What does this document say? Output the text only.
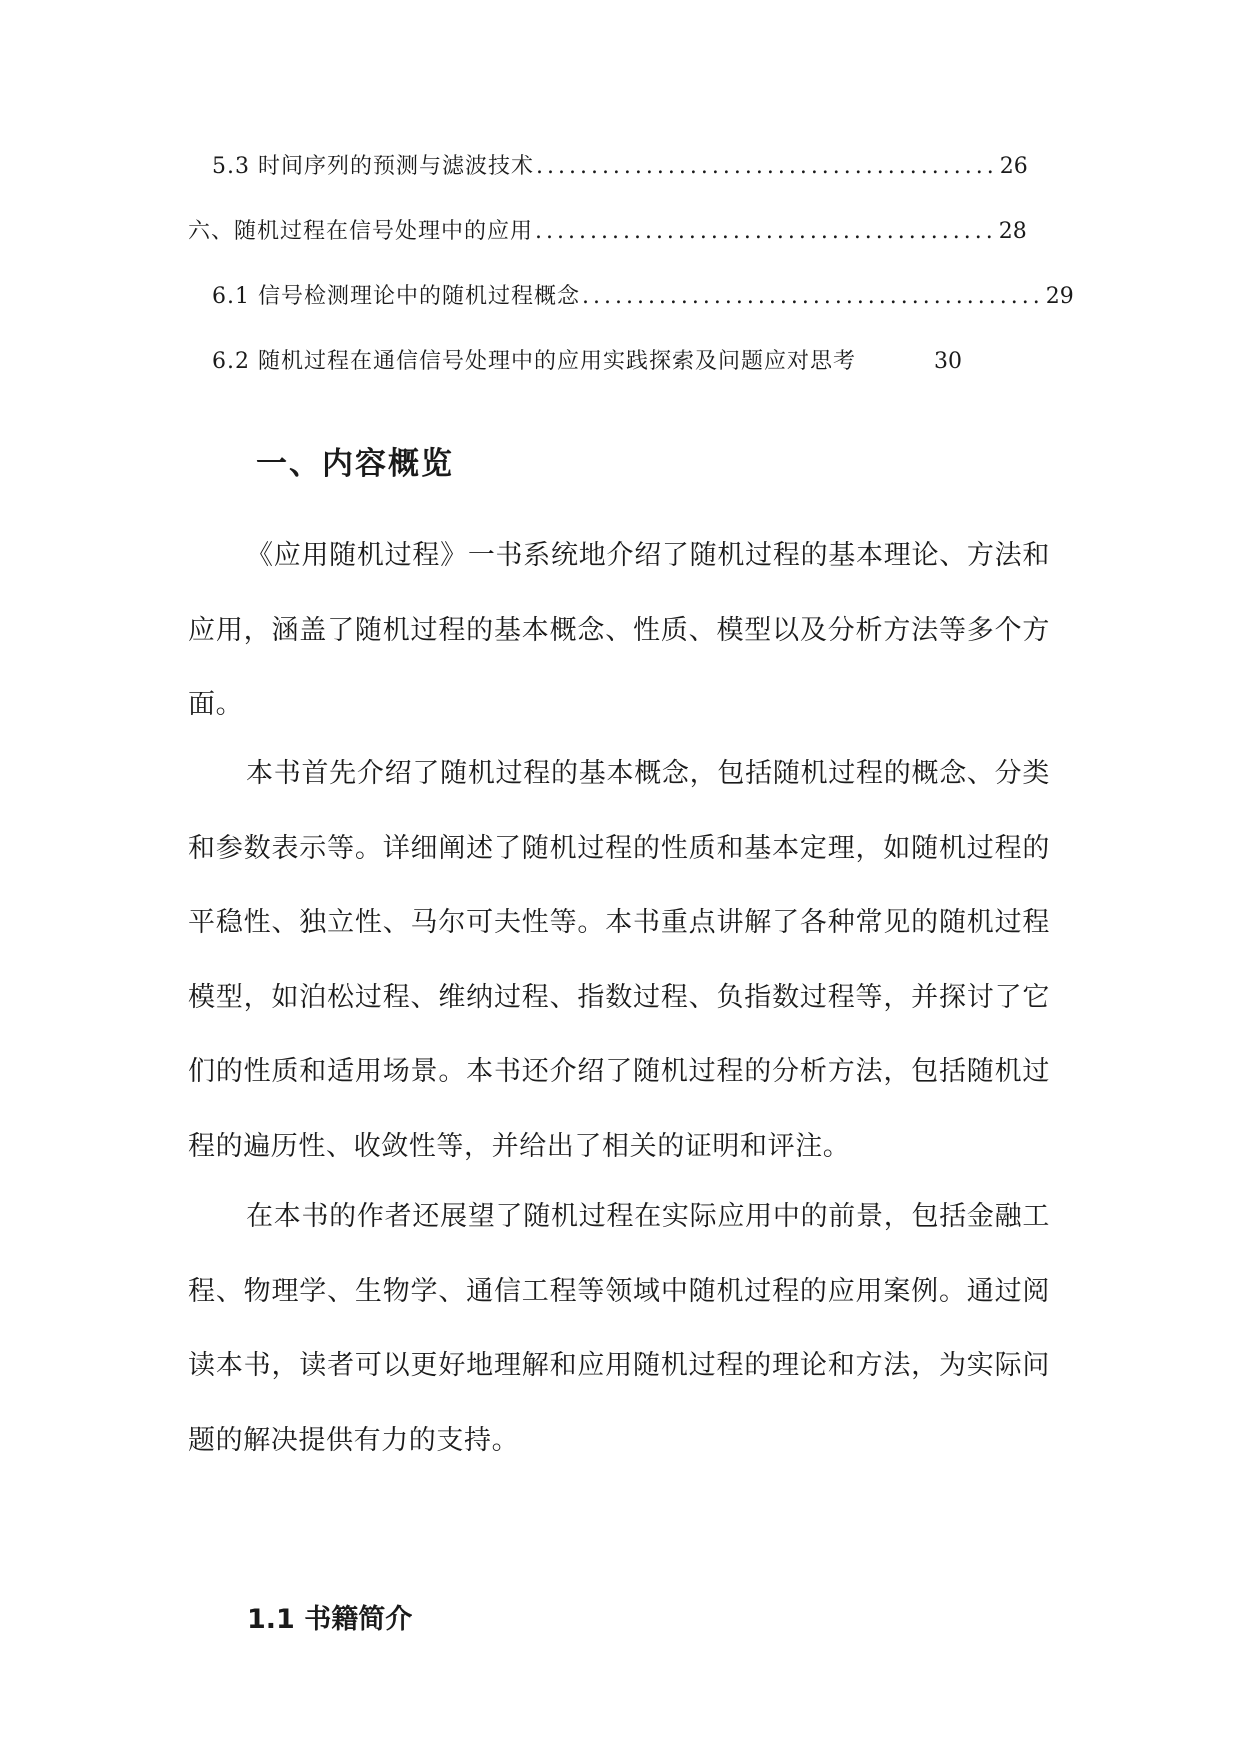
5.3 时间序列的预测与滤波技术 .......................................... 26
六、随机过程在信号处理中的应用 .......................................... 28
6.1 信号检测理论中的随机过程概念 .......................................... 29
6.2 随机过程在通信信号处理中的应用实践探索及问题应对思考	30
一、内容概览

《应用随机过程》一书系统地介绍了随机过程的基本理论、方法和应用，涵盖了随机过程的基本概念、性质、模型以及分析方法等多个方面。

本书首先介绍了随机过程的基本概念，包括随机过程的概念、分类和参数表示等。详细阐述了随机过程的性质和基本定理，如随机过程的平稳性、独立性、马尔可夫性等。本书重点讲解了各种常见的随机过程模型，如泊松过程、维纳过程、指数过程、负指数过程等，并探讨了它们的性质和适用场景。本书还介绍了随机过程的分析方法，包括随机过程的遍历性、收敛性等，并给出了相关的证明和评注。

在本书的作者还展望了随机过程在实际应用中的前景，包括金融工程、物理学、生物学、通信工程等领域中随机过程的应用案例。通过阅读本书，读者可以更好地理解和应用随机过程的理论和方法，为实际问题的解决提供有力的支持。

1.1 书籍简介
